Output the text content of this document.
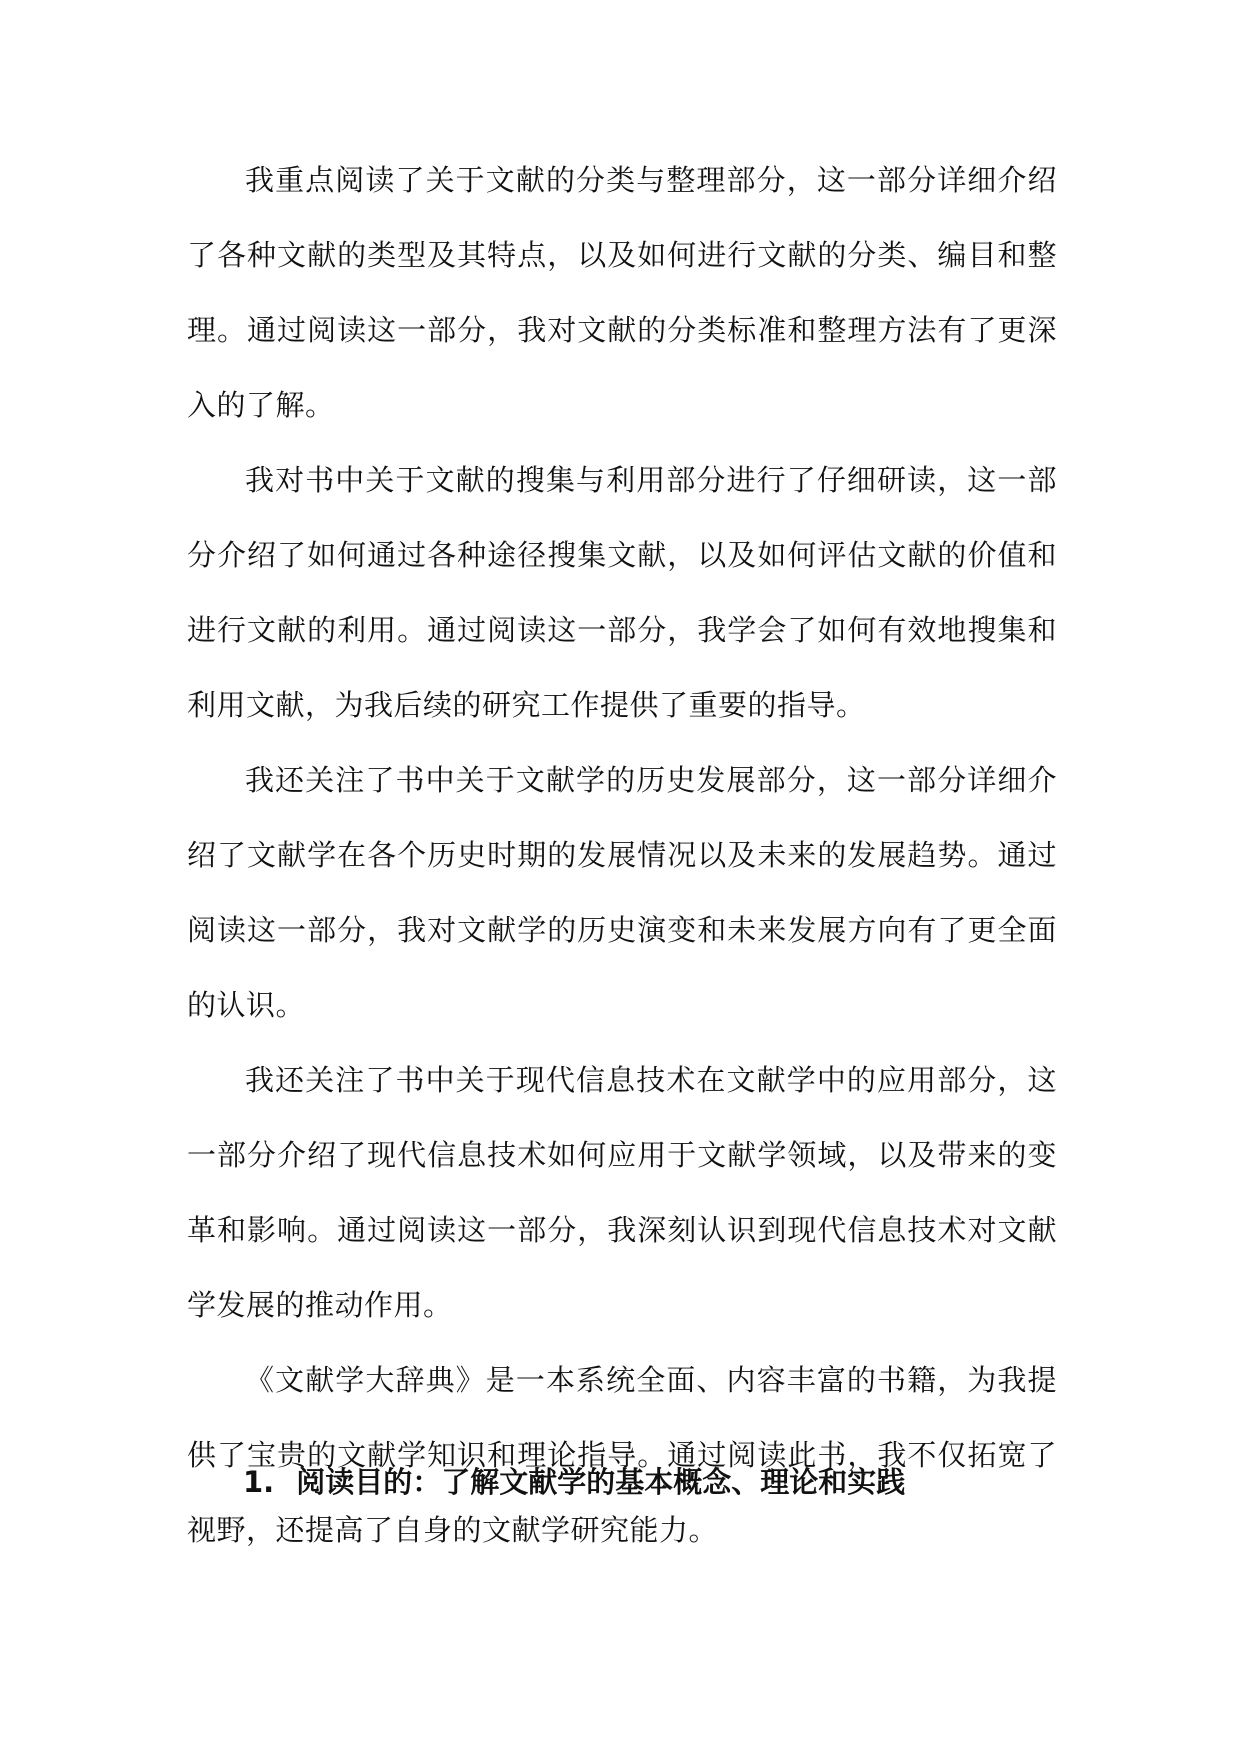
我重点阅读了关于文献的分类与整理部分，这一部分详细介绍了各种文献的类型及其特点，以及如何进行文献的分类、编目和整理。通过阅读这一部分，我对文献的分类标准和整理方法有了更深入的了解。

我对书中关于文献的搜集与利用部分进行了仔细研读，这一部分介绍了如何通过各种途径搜集文献，以及如何评估文献的价值和进行文献的利用。通过阅读这一部分，我学会了如何有效地搜集和利用文献，为我后续的研究工作提供了重要的指导。

我还关注了书中关于文献学的历史发展部分，这一部分详细介绍了文献学在各个历史时期的发展情况以及未来的发展趋势。通过阅读这一部分，我对文献学的历史演变和未来发展方向有了更全面的认识。

我还关注了书中关于现代信息技术在文献学中的应用部分，这一部分介绍了现代信息技术如何应用于文献学领域，以及带来的变革和影响。通过阅读这一部分，我深刻认识到现代信息技术对文献学发展的推动作用。

《文献学大辞典》是一本系统全面、内容丰富的书籍，为我提供了宝贵的文献学知识和理论指导。通过阅读此书，我不仅拓宽了视野，还提高了自身的文献学研究能力。

1. 阅读目的：了解文献学的基本概念、理论和实践
